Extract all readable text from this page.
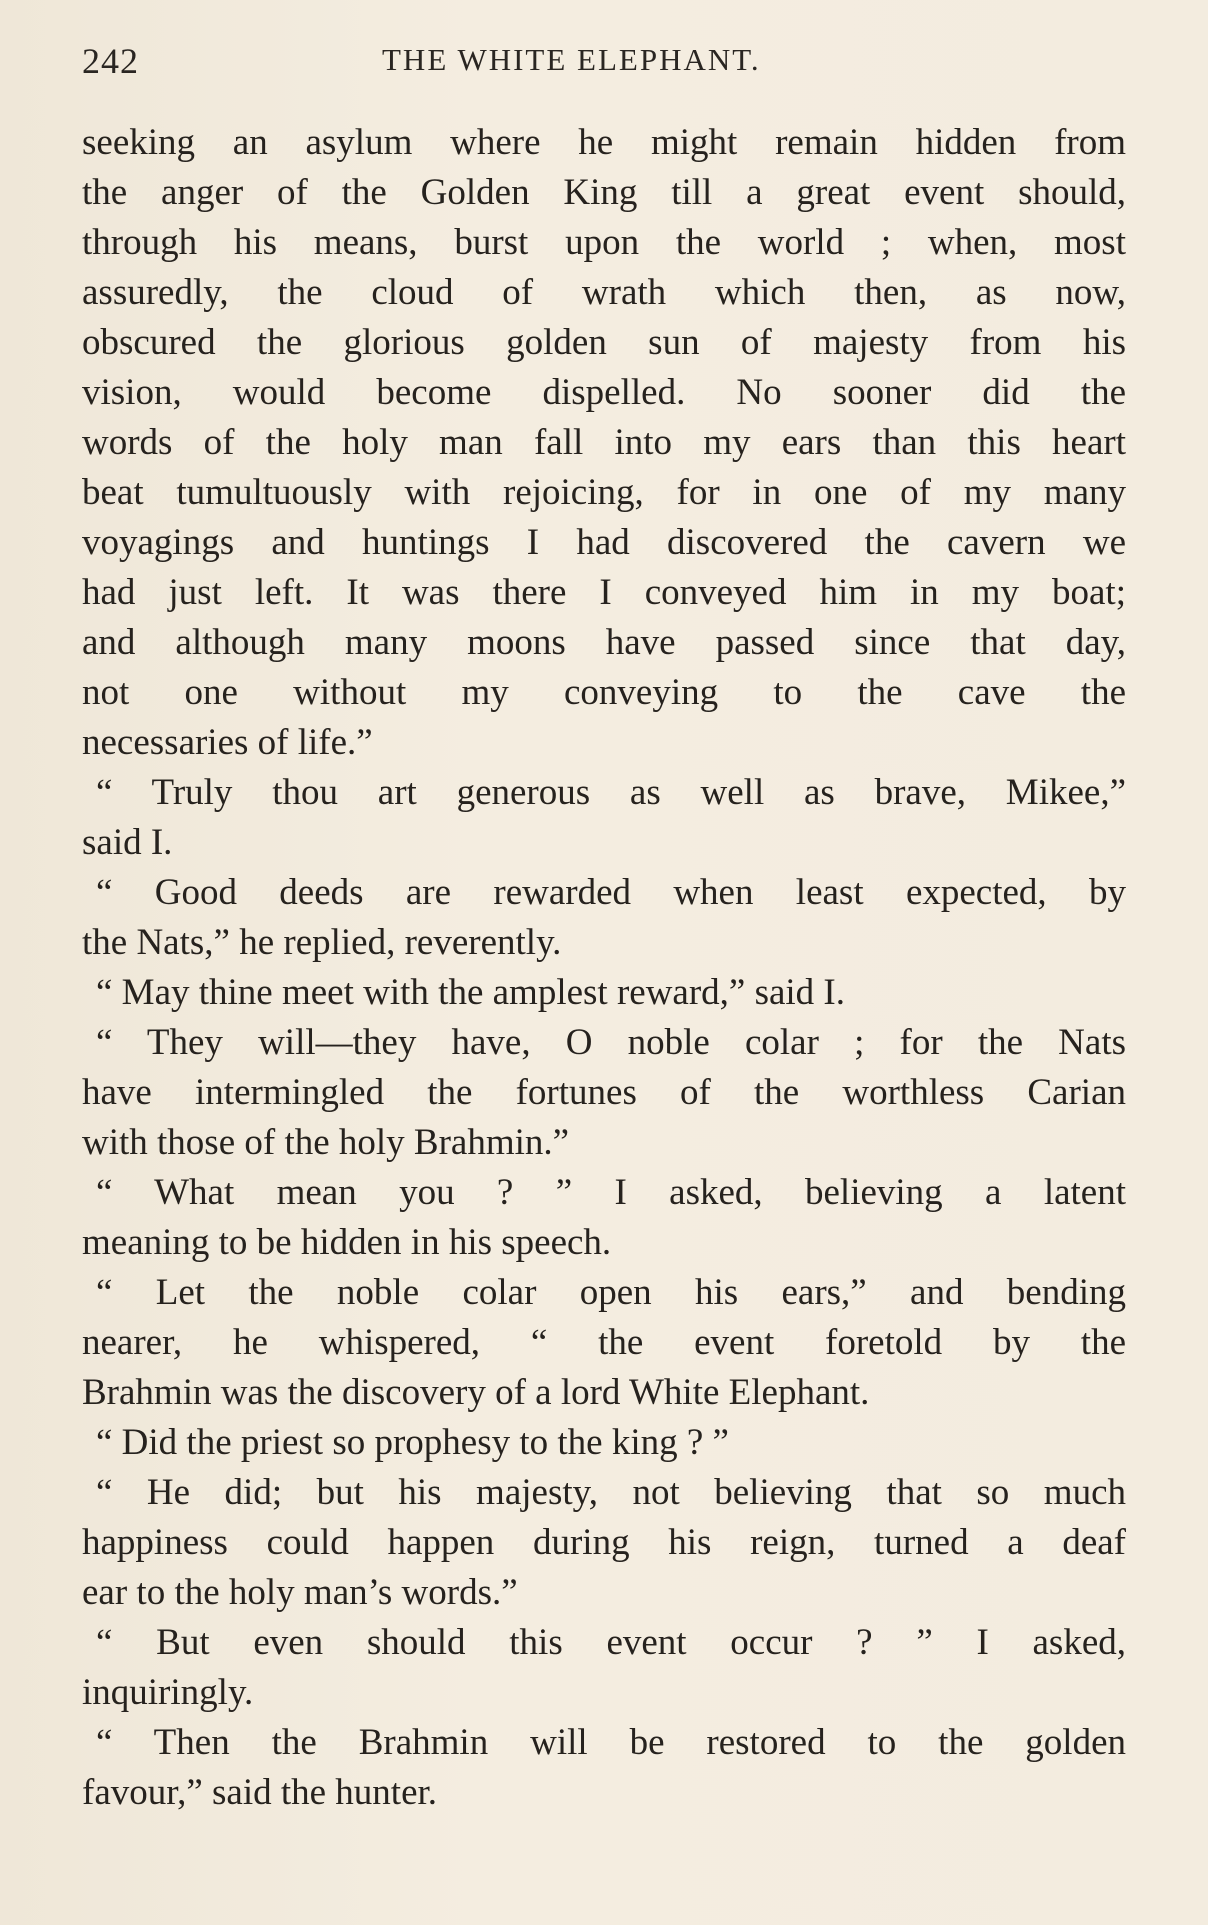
242	THE WHITE ELEPHANT.
seeking an asylum where he might remain hidden from
the anger of the Golden King till a great event should,
through his means, burst upon the world ; when, most
assuredly, the cloud of wrath which then, as now,
obscured the glorious golden sun of majesty from his
vision, would become dispelled. No sooner did the
words of the holy man fall into my ears than this heart
beat tumultuously with rejoicing, for in one of my many
voyagings and huntings I had discovered the cavern we
had just left. It was there I conveyed him in my boat;
and although many moons have passed since that day,
not one without my conveying to the cave the
necessaries of life.”
“ Truly thou art generous as well as brave, Mikee,”
said I.
“ Good deeds are rewarded when least expected, by
the Nats,” he replied, reverently.
“ May thine meet with the amplest reward,” said I.
“ They will—they have, O noble colar ; for the Nats
have intermingled the fortunes of the worthless Carian
with those of the holy Brahmin.”
“ What mean you ? ” I asked, believing a latent
meaning to be hidden in his speech.
“ Let the noble colar open his ears,” and bending
nearer, he whispered, “ the event foretold by the
Brahmin was the discovery of a lord White Elephant.
“ Did the priest so prophesy to the king ? ”
“ He did; but his majesty, not believing that so much
happiness could happen during his reign, turned a deaf
ear to the holy man’s words.”
“ But even should this event occur ? ” I asked,
inquiringly.
“ Then the Brahmin will be restored to the golden
favour,” said the hunter.
